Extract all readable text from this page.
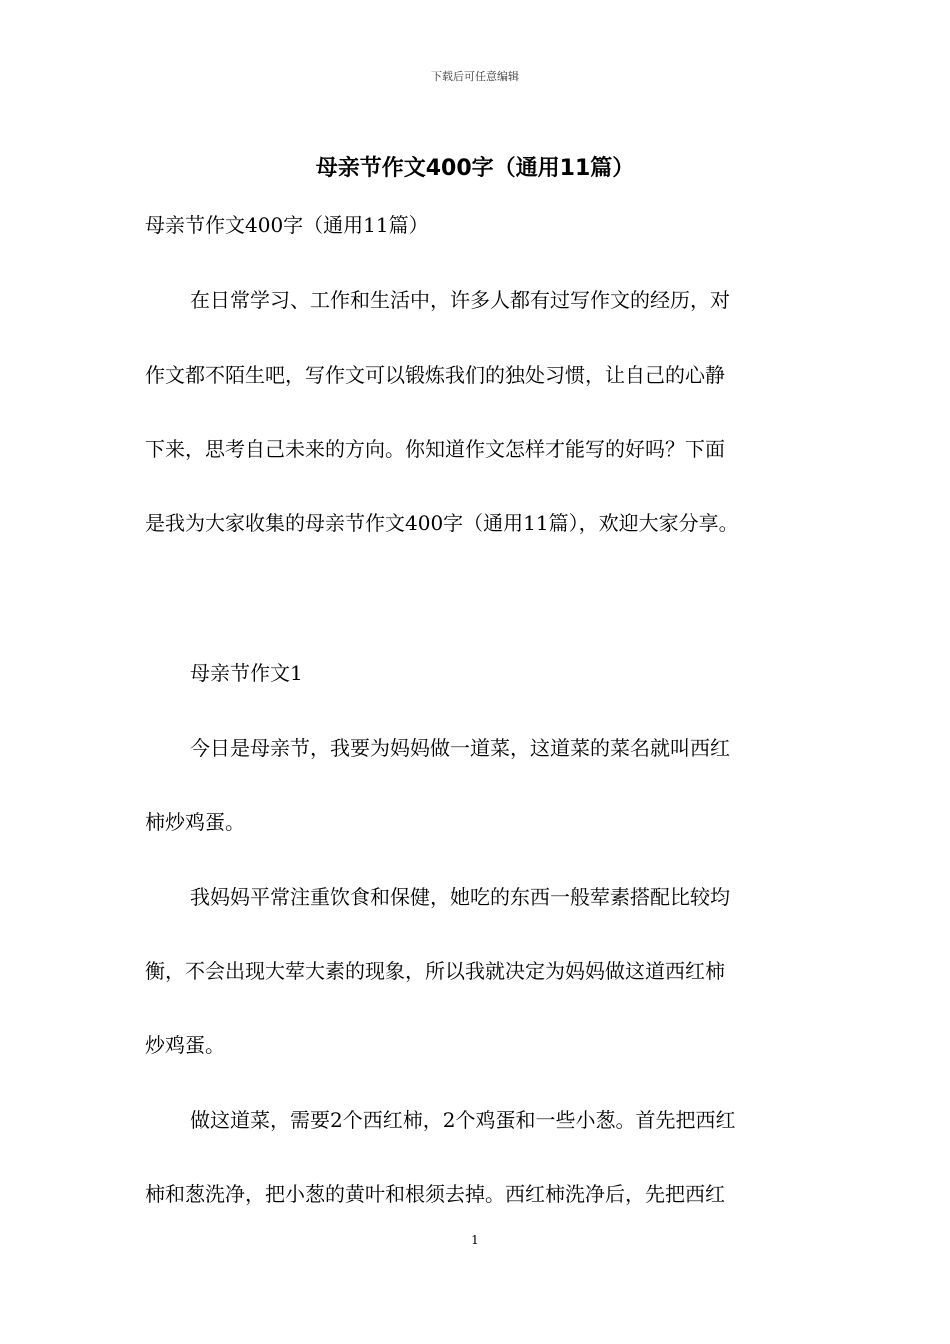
下载后可任意编辑
母亲节作文400字（通用11篇）
母亲节作文400字（通用11篇）
在日常学习、工作和生活中，许多人都有过写作文的经历，对
作文都不陌生吧，写作文可以锻炼我们的独处习惯，让自己的心静
下来，思考自己未来的方向。你知道作文怎样才能写的好吗？下面
是我为大家收集的母亲节作文400字（通用11篇），欢迎大家分享。
母亲节作文1
今日是母亲节，我要为妈妈做一道菜，这道菜的菜名就叫西红
柿炒鸡蛋。
我妈妈平常注重饮食和保健，她吃的东西一般荤素搭配比较均
衡，不会出现大荤大素的现象，所以我就决定为妈妈做这道西红柿
炒鸡蛋。
做这道菜，需要2个西红柿，2个鸡蛋和一些小葱。首先把西红
柿和葱洗净，把小葱的黄叶和根须去掉。西红柿洗净后，先把西红
1
